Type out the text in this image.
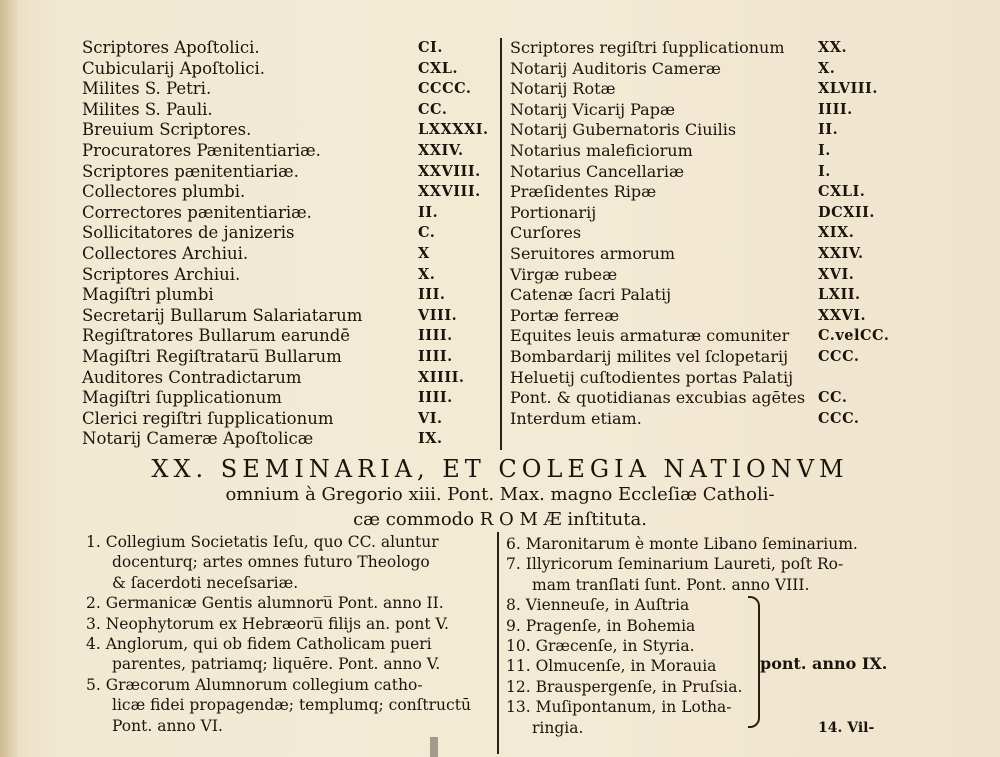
Scriptores Apoſtolici.	CI.
Cubicularij Apoſtolici.	CXL.
Milites S. Petri.	CCCC.
Milites S. Pauli.	CC.
Breuium Scriptores.	LXXXXI.
Procuratores Pænitentiariæ.	XXIV.
Scriptores pænitentiariæ.	XXVIII.
Collectores plumbi.	XXVIII.
Correctores pænitentiariæ.	II.
Sollicitatores de janizeris	C.
Collectores Archiui.	X
Scriptores Archiui.	X.
Magiſtri plumbi	III.
Secretarij Bullarum Salariatarum	VIII.
Regiſtratores Bullarum earundē	IIII.
Magiſtri Regiſtrataru̅ Bullarum	IIII.
Auditores Contradictarum	XIIII.
Magiſtri ſupplicationum	IIII.
Clerici regiſtri ſupplicationum	VI.
Notarij Cameræ Apoſtolicæ	IX.
Scriptores regiſtri ſupplicationum XX.
Notarij Auditoris Cameræ	X.
Notarij Rotæ	XLVIII.
Notarij Vicarij Papæ	IIII.
Notarij Gubernatoris Ciuilis	II.
Notarius maleficiorum	I.
Notarius Cancellariæ	I.
Præſidentes Ripæ	CXLI.
Portionarij	DCXII.
Curſores	XIX.
Seruitores armorum	XXIV.
Virgæ rubeæ	XVI.
Catenæ ſacri Palatij	LXII.
Portæ ferreæ	XXVI.
Equites leuis armaturæ comuniter C.velCC.
Bombardarij milites vel ſclopetarij CCC.
Heluetij cuſtodientes portas Palatij
Pont. & quotidianas excubias agētes CC.
Interdum etiam.	CCC.
XX. SEMINARIA, ET COLEGIA NATIONVM
omnium à Gregorio xiii. Pont. Max. magno Eccleſiæ Catholi-
cæ commodo R O M Æ inſtituta.
1. Collegium Societatis Ieſu, quo CC. aluntur
docenturq; artes omnes futuro Theologo
& ſacerdoti neceſsariæ.
2. Germanicæ Gentis alumnoru̅ Pont. anno II.
3. Neophytorum ex Hebræoru̅ filijs an. pont V.
4. Anglorum, qui ob fidem Catholicam pueri
parentes, patriamq; liquēre. Pont. anno V.
5. Græcorum Alumnorum collegium catho-
licæ fidei propagendæ; templumq; conſtructū
Pont. anno VI.
6. Maronitarum è monte Libano ſeminarium.
7. Illyricorum ſeminarium Laureti, poſt Ro-
mam tranſlati ſunt. Pont. anno VIII.
8. Vienneuſe, in Auſtria
9. Pragenſe, in Bohemia
10. Græcenſe, in Styria.
11. Olmucenſe, in Morauia
12. Brauspergenſe, in Pruſsia.
13. Muſipontanum, in Lotha-
ringia.
pont. anno IX.
14. Vil-
